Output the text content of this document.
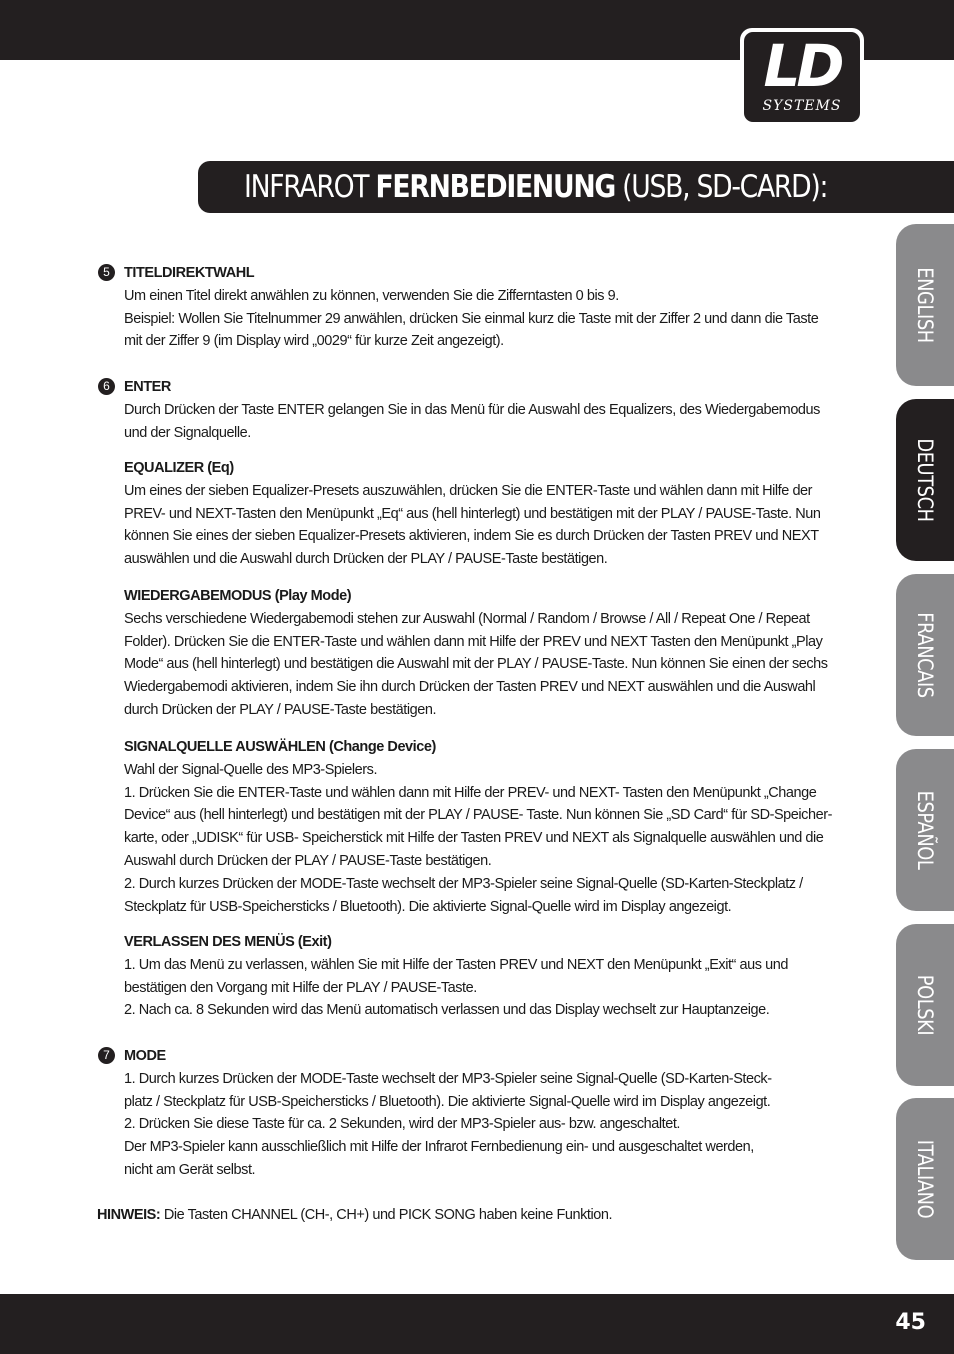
LD
SYSTEMS
INFRAROT FERNBEDIENUNG (USB, SD-CARD):
ENGLISH
DEUTSCH
FRANCAIS
ESPAÑOL
POLSKI
ITALIANO
5 TITELDIREKTWAHL
Um einen Titel direkt anwählen zu können, verwenden Sie die Zifferntasten 0 bis 9.
Beispiel: Wollen Sie Titelnummer 29 anwählen, drücken Sie einmal kurz die Taste mit der Ziffer 2 und dann die Taste
mit der Ziffer 9 (im Display wird „0029“ für kurze Zeit angezeigt).
6 ENTER
Durch Drücken der Taste ENTER gelangen Sie in das Menü für die Auswahl des Equalizers, des Wiedergabemodus
und der Signalquelle.
EQUALIZER (Eq)
Um eines der sieben Equalizer-Presets auszuwählen, drücken Sie die ENTER-Taste und wählen dann mit Hilfe der
PREV- und NEXT-Tasten den Menüpunkt „Eq“ aus (hell hinterlegt) und bestätigen mit der PLAY / PAUSE-Taste. Nun
können Sie eines der sieben Equalizer-Presets aktivieren, indem Sie es durch Drücken der Tasten PREV und NEXT
auswählen und die Auswahl durch Drücken der PLAY / PAUSE-Taste bestätigen.
WIEDERGABEMODUS (Play Mode)
Sechs verschiedene Wiedergabemodi stehen zur Auswahl (Normal / Random / Browse / All / Repeat One / Repeat
Folder). Drücken Sie die ENTER-Taste und wählen dann mit Hilfe der PREV und NEXT Tasten den Menüpunkt „Play
Mode“ aus (hell hinterlegt) und bestätigen die Auswahl mit der PLAY / PAUSE-Taste. Nun können Sie einen der sechs
Wiedergabemodi aktivieren, indem Sie ihn durch Drücken der Tasten PREV und NEXT auswählen und die Auswahl
durch Drücken der PLAY / PAUSE-Taste bestätigen.
SIGNALQUELLE AUSWÄHLEN (Change Device)
Wahl der Signal-Quelle des MP3-Spielers.
1. Drücken Sie die ENTER-Taste und wählen dann mit Hilfe der PREV- und NEXT- Tasten den Menüpunkt „Change
Device“ aus (hell hinterlegt) und bestätigen mit der PLAY / PAUSE- Taste. Nun können Sie „SD Card“ für SD-Speicher-
karte, oder „UDISK“ für USB- Speicherstick mit Hilfe der Tasten PREV und NEXT als Signalquelle auswählen und die
Auswahl durch Drücken der PLAY / PAUSE-Taste bestätigen.
2. Durch kurzes Drücken der MODE-Taste wechselt der MP3-Spieler seine Signal-Quelle (SD-Karten-Steckplatz /
Steckplatz für USB-Speichersticks / Bluetooth). Die aktivierte Signal-Quelle wird im Display angezeigt.
VERLASSEN DES MENÜS (Exit)
1. Um das Menü zu verlassen, wählen Sie mit Hilfe der Tasten PREV und NEXT den Menüpunkt „Exit“ aus und
bestätigen den Vorgang mit Hilfe der PLAY / PAUSE-Taste.
2. Nach ca. 8 Sekunden wird das Menü automatisch verlassen und das Display wechselt zur Hauptanzeige.
7 MODE
1. Durch kurzes Drücken der MODE-Taste wechselt der MP3-Spieler seine Signal-Quelle (SD-Karten-Steck-
platz / Steckplatz für USB-Speichersticks / Bluetooth). Die aktivierte Signal-Quelle wird im Display angezeigt.
2. Drücken Sie diese Taste für ca. 2 Sekunden, wird der MP3-Spieler aus- bzw. angeschaltet.
Der MP3-Spieler kann ausschließlich mit Hilfe der Infrarot Fernbedienung ein- und ausgeschaltet werden,
nicht am Gerät selbst.
HINWEIS: Die Tasten CHANNEL (CH-, CH+) und PICK SONG haben keine Funktion.
45
